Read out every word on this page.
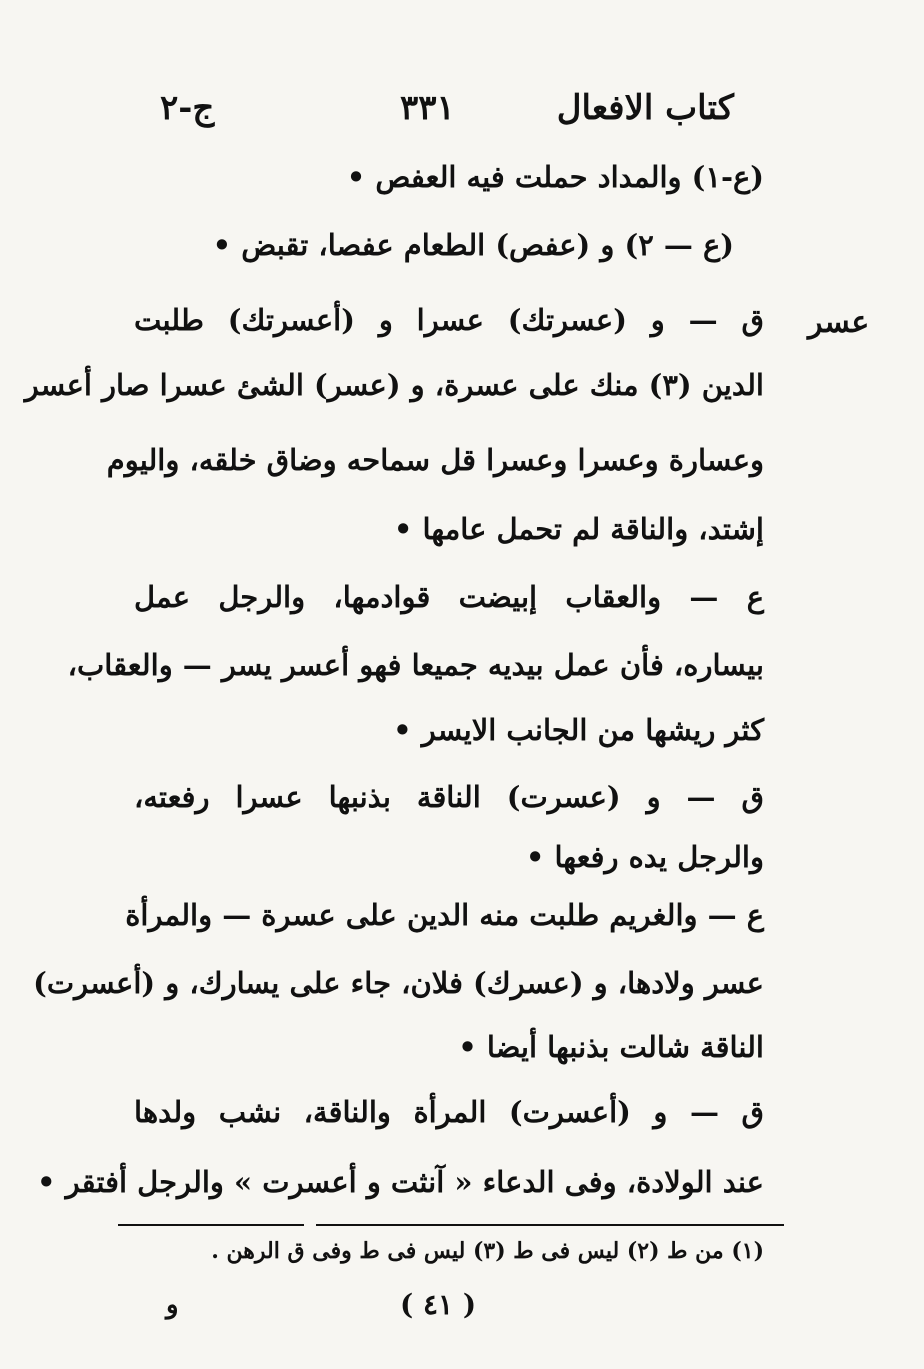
كتاب الافعال
٣٣١
ج-٢
عسر
(ع-١) والمداد حملت فيه العفص •
(ع — ٢) و (عفص) الطعام عفصا، تقبض •
ق — و (عسرتك) عسرا و (أعسرتك) طلبت
الدين (٣) منك على عسرة، و (عسر) الشئ عسرا صار أعسر
وعسارة وعسرا وعسرا قل سماحه وضاق خلقه، واليوم
إشتد، والناقة لم تحمل عامها •
ع — والعقاب إبيضت قوادمها، والرجل عمل
بيساره، فأن عمل بيديه جميعا فهو أعسر يسر — والعقاب،
كثر ريشها من الجانب الايسر •
ق — و (عسرت) الناقة بذنبها عسرا رفعته،
والرجل يده رفعها •
ع — والغريم طلبت منه الدين على عسرة — والمرأة
عسر ولادها، و (عسرك) فلان، جاء على يسارك، و (أعسرت)
الناقة شالت بذنبها أيضا •
ق — و (أعسرت) المرأة والناقة، نشب ولدها
عند الولادة، وفى الدعاء « آنثت و أعسرت » والرجل أفتقر •
(١) من ط (٢) ليس فى ط (٣) ليس فى ط وفى ق الرهن .
( ٤١ )
و
